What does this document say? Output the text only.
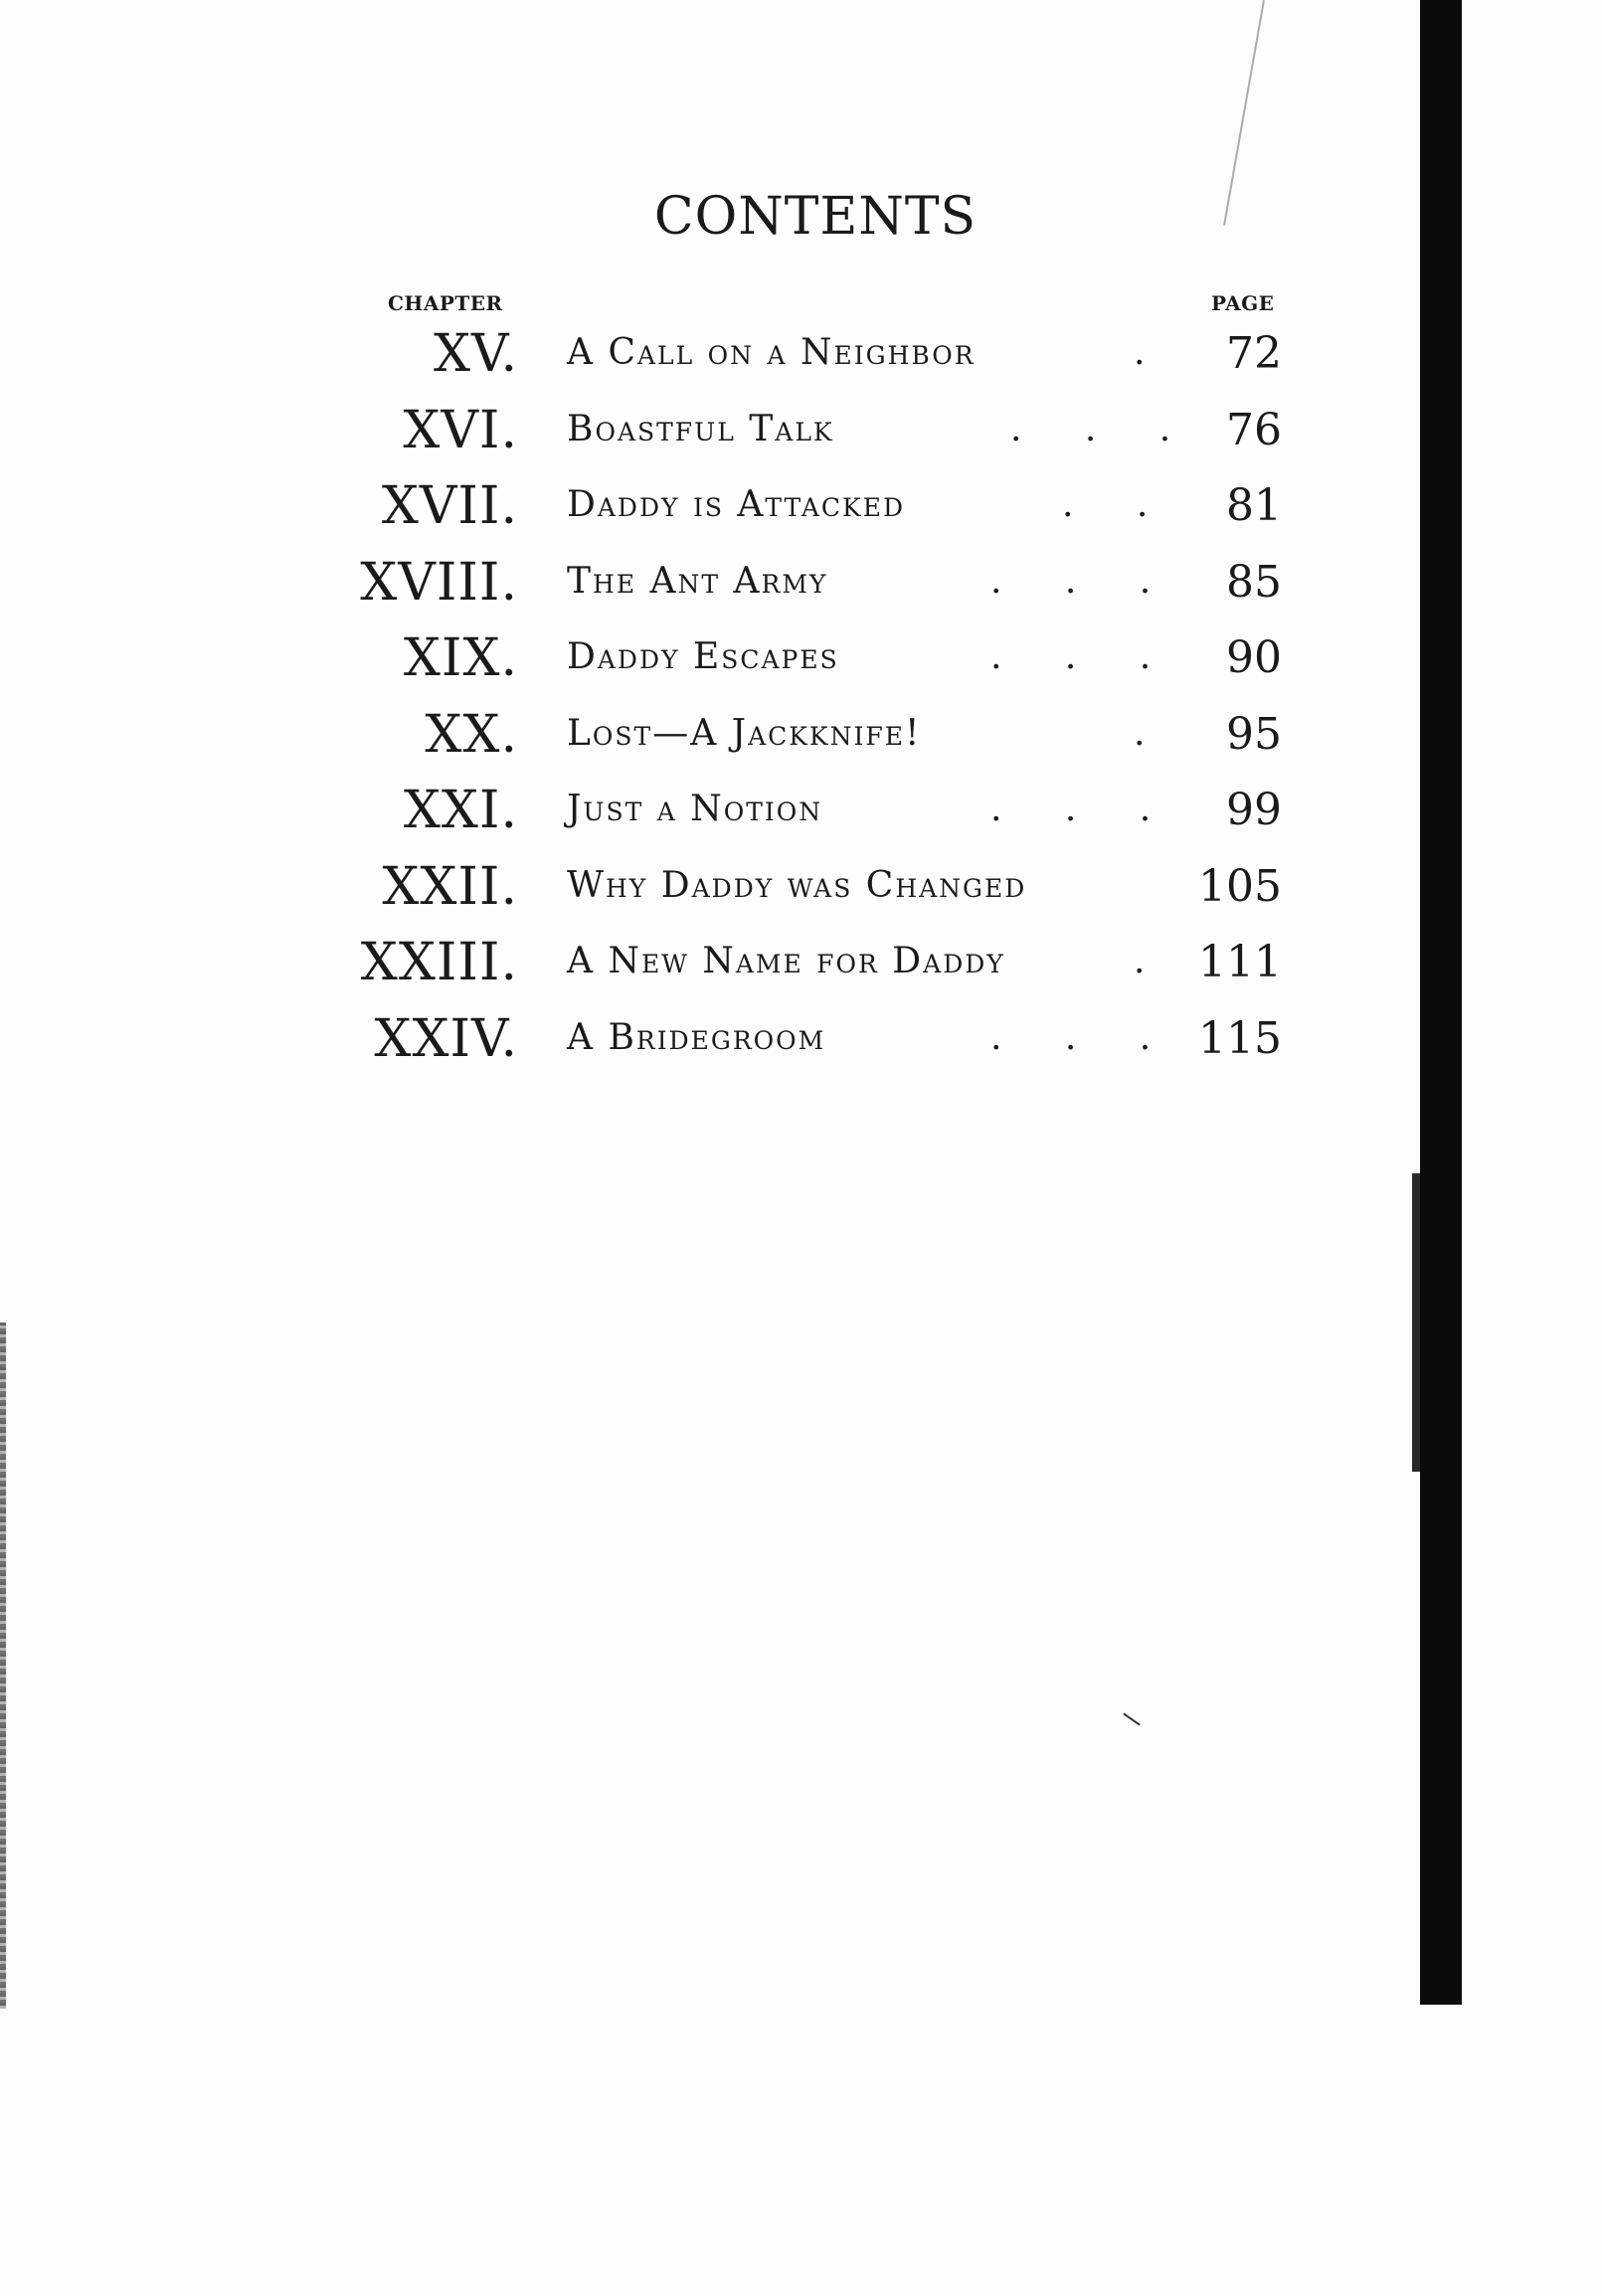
CONTENTS
CHAPTER	PAGE
XV. A Call on a Neighbor	. 72
XVI. Boastful Talk	. . . 76
XVII. Daddy is Attacked	. . 81
XVIII. The Ant Army	. . . 85
XIX. Daddy Escapes	. . . 90
XX. Lost—A Jackknife!	. 95
XXI. Just a Notion	. . . 99
XXII. Why Daddy was Changed	105
XXIII. A New Name for Daddy	. 111
XXIV. A Bridegroom	. . . 115
